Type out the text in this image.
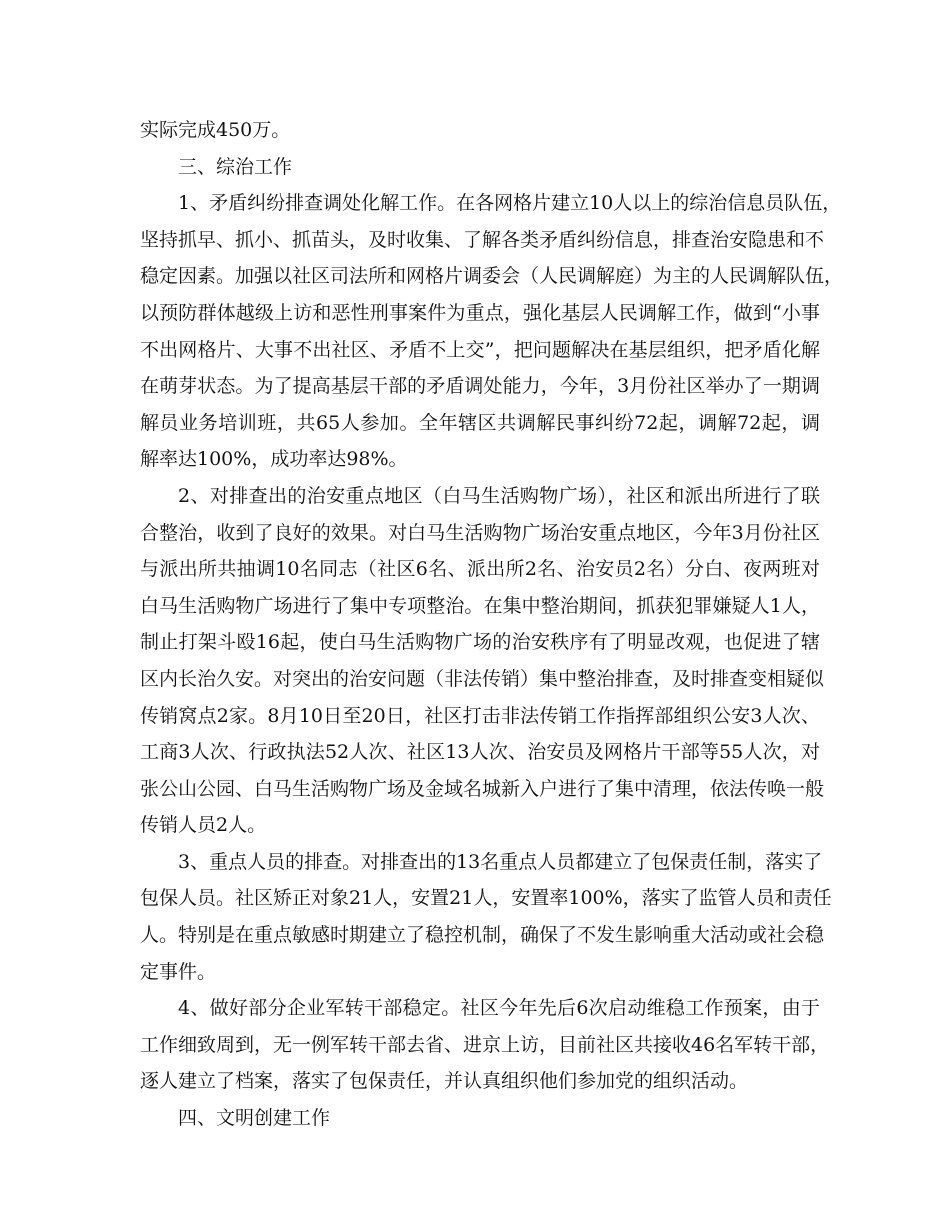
实际完成450万。
三、综治工作
1、矛盾纠纷排查调处化解工作。在各网格片建立10人以上的综治信息员队伍，
坚持抓早、抓小、抓苗头，及时收集、了解各类矛盾纠纷信息，排查治安隐患和不
稳定因素。加强以社区司法所和网格片调委会（人民调解庭）为主的人民调解队伍，
以预防群体越级上访和恶性刑事案件为重点，强化基层人民调解工作，做到“小事
不出网格片、大事不出社区、矛盾不上交”，把问题解决在基层组织，把矛盾化解
在萌芽状态。为了提高基层干部的矛盾调处能力，今年，3月份社区举办了一期调
解员业务培训班，共65人参加。全年辖区共调解民事纠纷72起，调解72起，调
解率达100%，成功率达98%。
2、对排查出的治安重点地区（白马生活购物广场），社区和派出所进行了联
合整治，收到了良好的效果。对白马生活购物广场治安重点地区，今年3月份社区
与派出所共抽调10名同志（社区6名、派出所2名、治安员2名）分白、夜两班对
白马生活购物广场进行了集中专项整治。在集中整治期间，抓获犯罪嫌疑人1人，
制止打架斗殴16起，使白马生活购物广场的治安秩序有了明显改观，也促进了辖
区内长治久安。对突出的治安问题（非法传销）集中整治排查，及时排查变相疑似
传销窝点2家。8月10日至20日，社区打击非法传销工作指挥部组织公安3人次、
工商3人次、行政执法52人次、社区13人次、治安员及网格片干部等55人次，对
张公山公园、白马生活购物广场及金域名城新入户进行了集中清理，依法传唤一般
传销人员2人。
3、重点人员的排查。对排查出的13名重点人员都建立了包保责任制，落实了
包保人员。社区矫正对象21人，安置21人，安置率100%，落实了监管人员和责任
人。特别是在重点敏感时期建立了稳控机制，确保了不发生影响重大活动或社会稳
定事件。
4、做好部分企业军转干部稳定。社区今年先后6次启动维稳工作预案，由于
工作细致周到，无一例军转干部去省、进京上访，目前社区共接收46名军转干部，
逐人建立了档案，落实了包保责任，并认真组织他们参加党的组织活动。
四、文明创建工作
